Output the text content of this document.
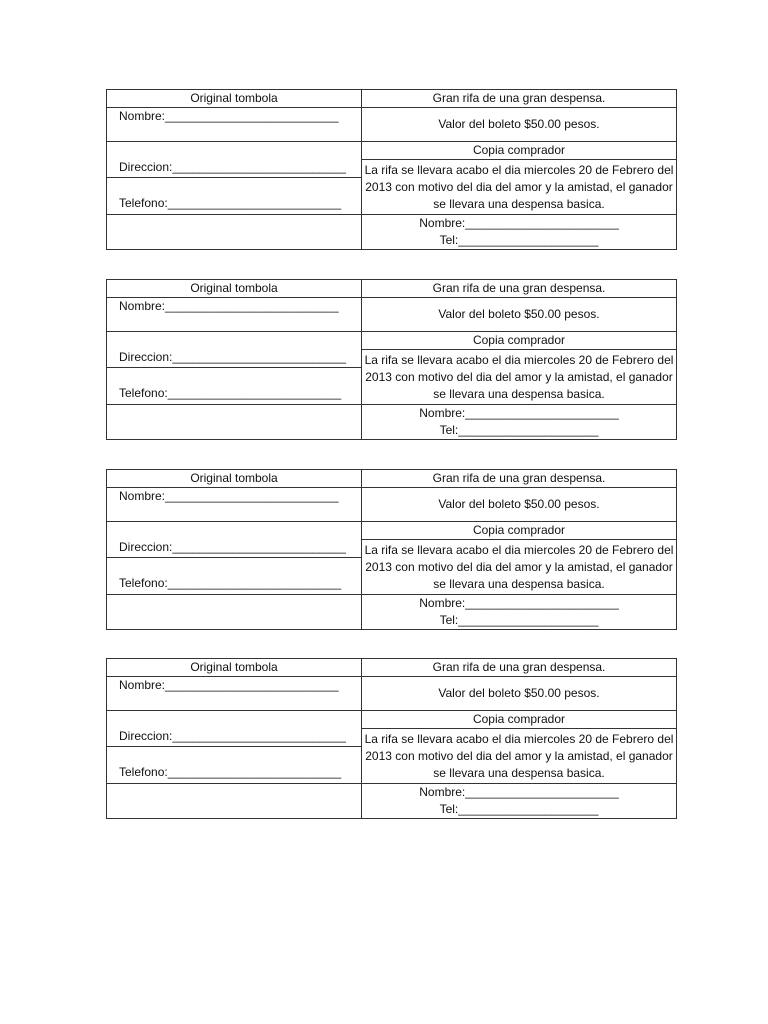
Original tombola	Gran rifa de una gran despensa.
Nombre:__________________________	Valor del boleto $50.00 pesos.
Direccion:__________________________	Copia comprador
	La rifa se llevara acabo el dia miercoles 20 de Febrero del 2013 con motivo del dia del amor y la amistad, el ganador se llevara una despensa basica.
Telefono:__________________________	

	Nombre:_______________________
Tel:_____________________
Original tombola	Gran rifa de una gran despensa.
Nombre:__________________________	Valor del boleto $50.00 pesos.
Direccion:__________________________	Copia comprador
	La rifa se llevara acabo el dia miercoles 20 de Febrero del 2013 con motivo del dia del amor y la amistad, el ganador se llevara una despensa basica.
Telefono:__________________________	

	Nombre:_______________________
Tel:_____________________
Original tombola	Gran rifa de una gran despensa.
Nombre:__________________________	Valor del boleto $50.00 pesos.
Direccion:__________________________	Copia comprador
	La rifa se llevara acabo el dia miercoles 20 de Febrero del 2013 con motivo del dia del amor y la amistad, el ganador se llevara una despensa basica.
Telefono:__________________________	

	Nombre:_______________________
Tel:_____________________
Original tombola	Gran rifa de una gran despensa.
Nombre:__________________________	Valor del boleto $50.00 pesos.
Direccion:__________________________	Copia comprador
	La rifa se llevara acabo el dia miercoles 20 de Febrero del 2013 con motivo del dia del amor y la amistad, el ganador se llevara una despensa basica.
Telefono:__________________________	

	Nombre:_______________________
Tel:_____________________
